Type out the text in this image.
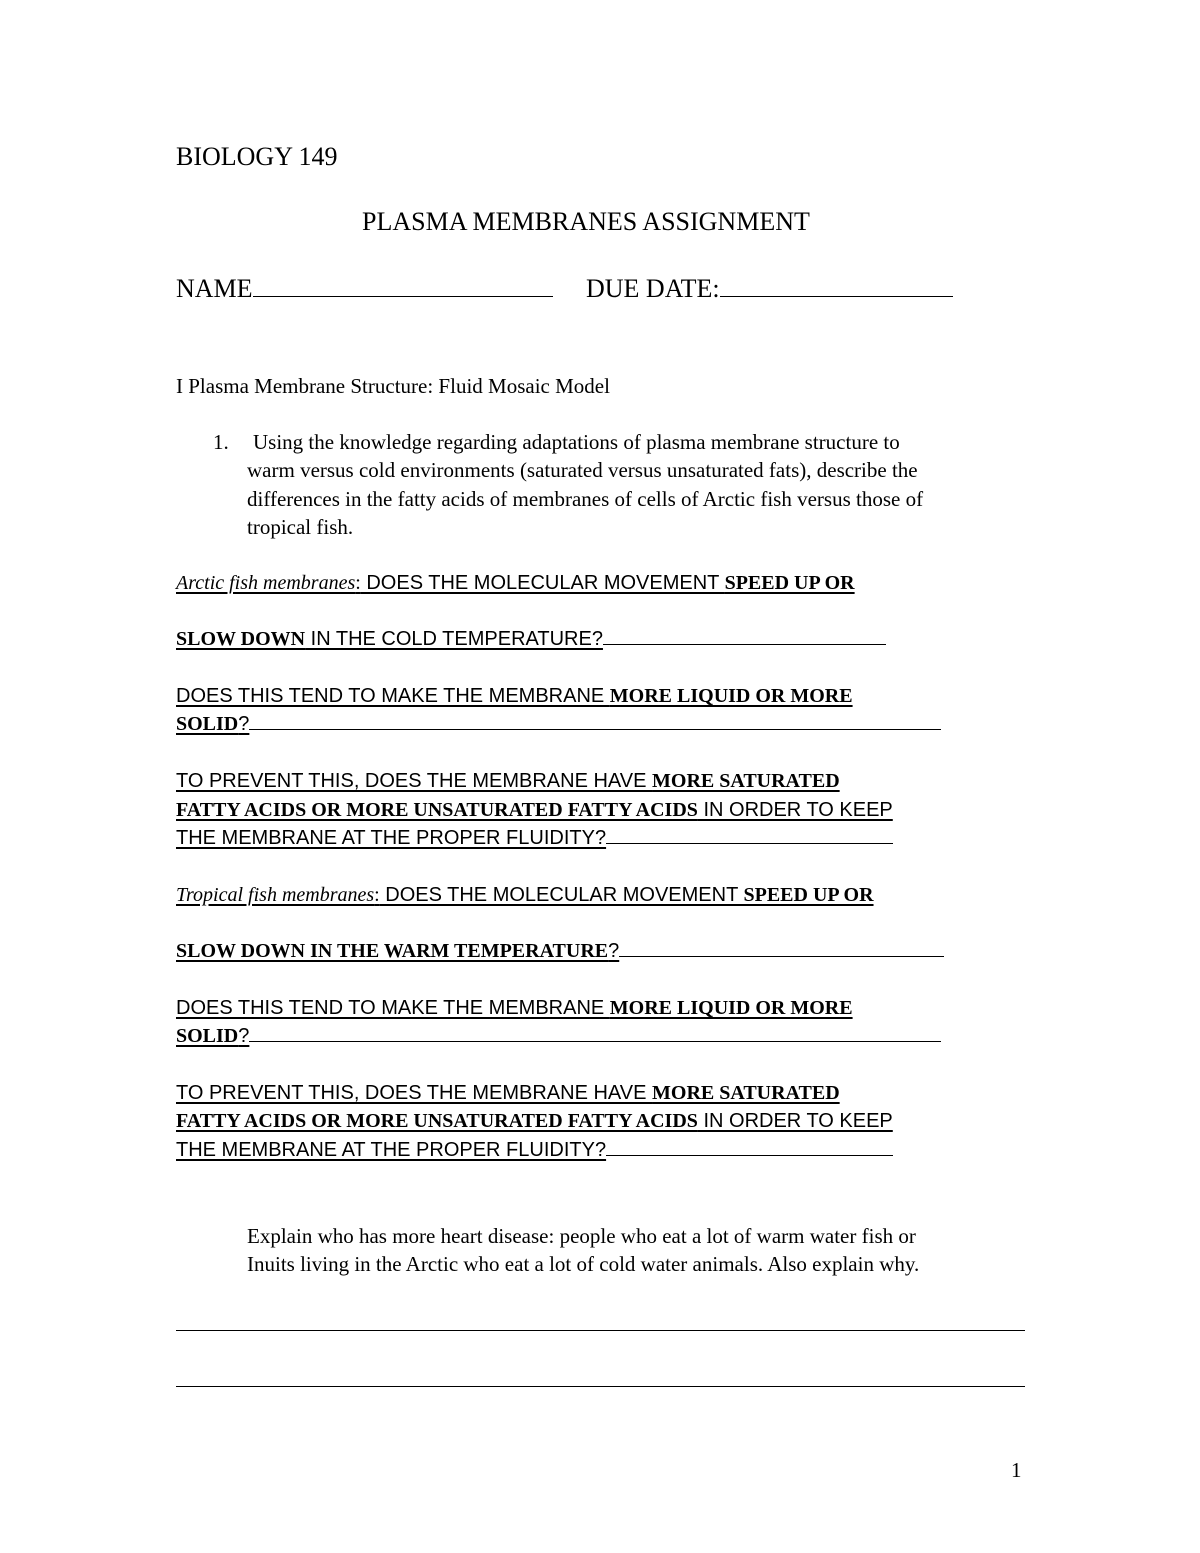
BIOLOGY 149
PLASMA MEMBRANES ASSIGNMENT
NAME	DUE DATE:
I Plasma Membrane Structure: Fluid Mosaic Model
1. Using the knowledge regarding adaptations of plasma membrane structure to
warm versus cold environments (saturated versus unsaturated fats), describe the
differences in the fatty acids of membranes of cells of Arctic fish versus those of
tropical fish.
Arctic fish membranes: DOES THE MOLECULAR MOVEMENT SPEED UP OR
SLOW DOWN IN THE COLD TEMPERATURE?
DOES THIS TEND TO MAKE THE MEMBRANE MORE LIQUID OR MORE
SOLID?
TO PREVENT THIS, DOES THE MEMBRANE HAVE MORE SATURATED
FATTY ACIDS OR MORE UNSATURATED FATTY ACIDS IN ORDER TO KEEP
THE MEMBRANE AT THE PROPER FLUIDITY?
Tropical fish membranes: DOES THE MOLECULAR MOVEMENT SPEED UP OR
SLOW DOWN IN THE WARM TEMPERATURE?
DOES THIS TEND TO MAKE THE MEMBRANE MORE LIQUID OR MORE
SOLID?
TO PREVENT THIS, DOES THE MEMBRANE HAVE MORE SATURATED
FATTY ACIDS OR MORE UNSATURATED FATTY ACIDS IN ORDER TO KEEP
THE MEMBRANE AT THE PROPER FLUIDITY?
Explain who has more heart disease: people who eat a lot of warm water fish or
Inuits living in the Arctic who eat a lot of cold water animals. Also explain why.
1
